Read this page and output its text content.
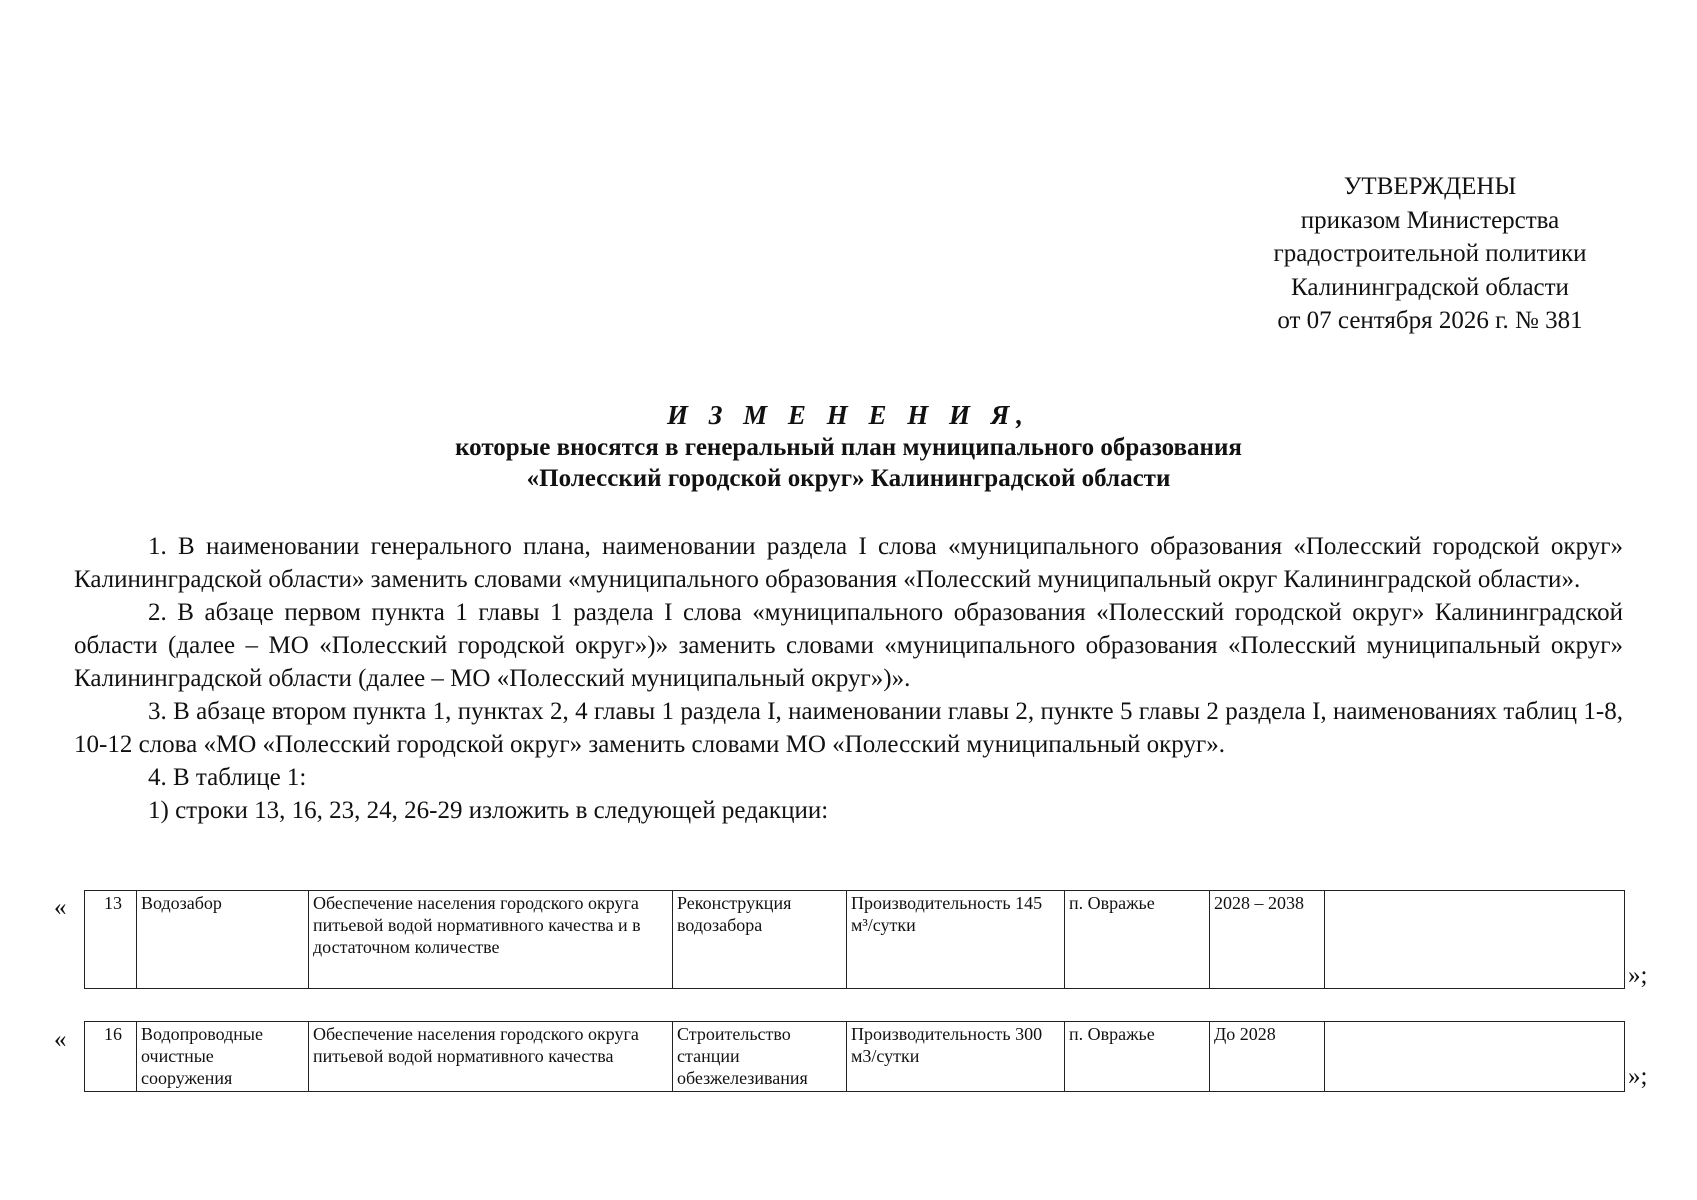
УТВЕРЖДЕНЫ
приказом Министерства
градостроительной политики
Калининградской области
от 07 сентября 2026 г. № 381
И З М Е Н Е Н И Я,
которые вносятся в генеральный план муниципального образования
«Полесский городской округ» Калининградской области

1. В наименовании генерального плана, наименовании раздела I слова «муниципального образования «Полесский городской округ» Калининградской области» заменить словами «муниципального образования «Полесский муниципальный округ Калининградской области».

2. В абзаце первом пункта 1 главы 1 раздела I слова «муниципального образования «Полесский городской округ» Калининградской области (далее – МО «Полесский городской округ»)» заменить словами «муниципального образования «Полесский муниципальный округ» Калининградской области (далее – МО «Полесский муниципальный округ»)».

3. В абзаце втором пункта 1, пунктах 2, 4 главы 1 раздела I, наименовании главы 2, пункте 5 главы 2 раздела I, наименованиях таблиц 1-8, 10-12 слова «МО «Полесский городской округ» заменить словами МО «Полесский муниципальный округ».

4. В таблице 1:

1) строки 13, 16, 23, 24, 26-29 изложить в следующей редакции:

« 13	Водозабор	Обеспечение населения городского округа питьевой водой нормативного качества и в достаточном количестве	Реконструкция водозабора	Производительность 145 м³/сутки	п. Овражье	2028 – 2038	
»;
« 16	Водопроводные очистные сооружения	Обеспечение населения городского округа питьевой водой нормативного качества	Строительство станции обезжелезивания	Производительность 300 м3/сутки	п. Овражье	До 2028	
»;
